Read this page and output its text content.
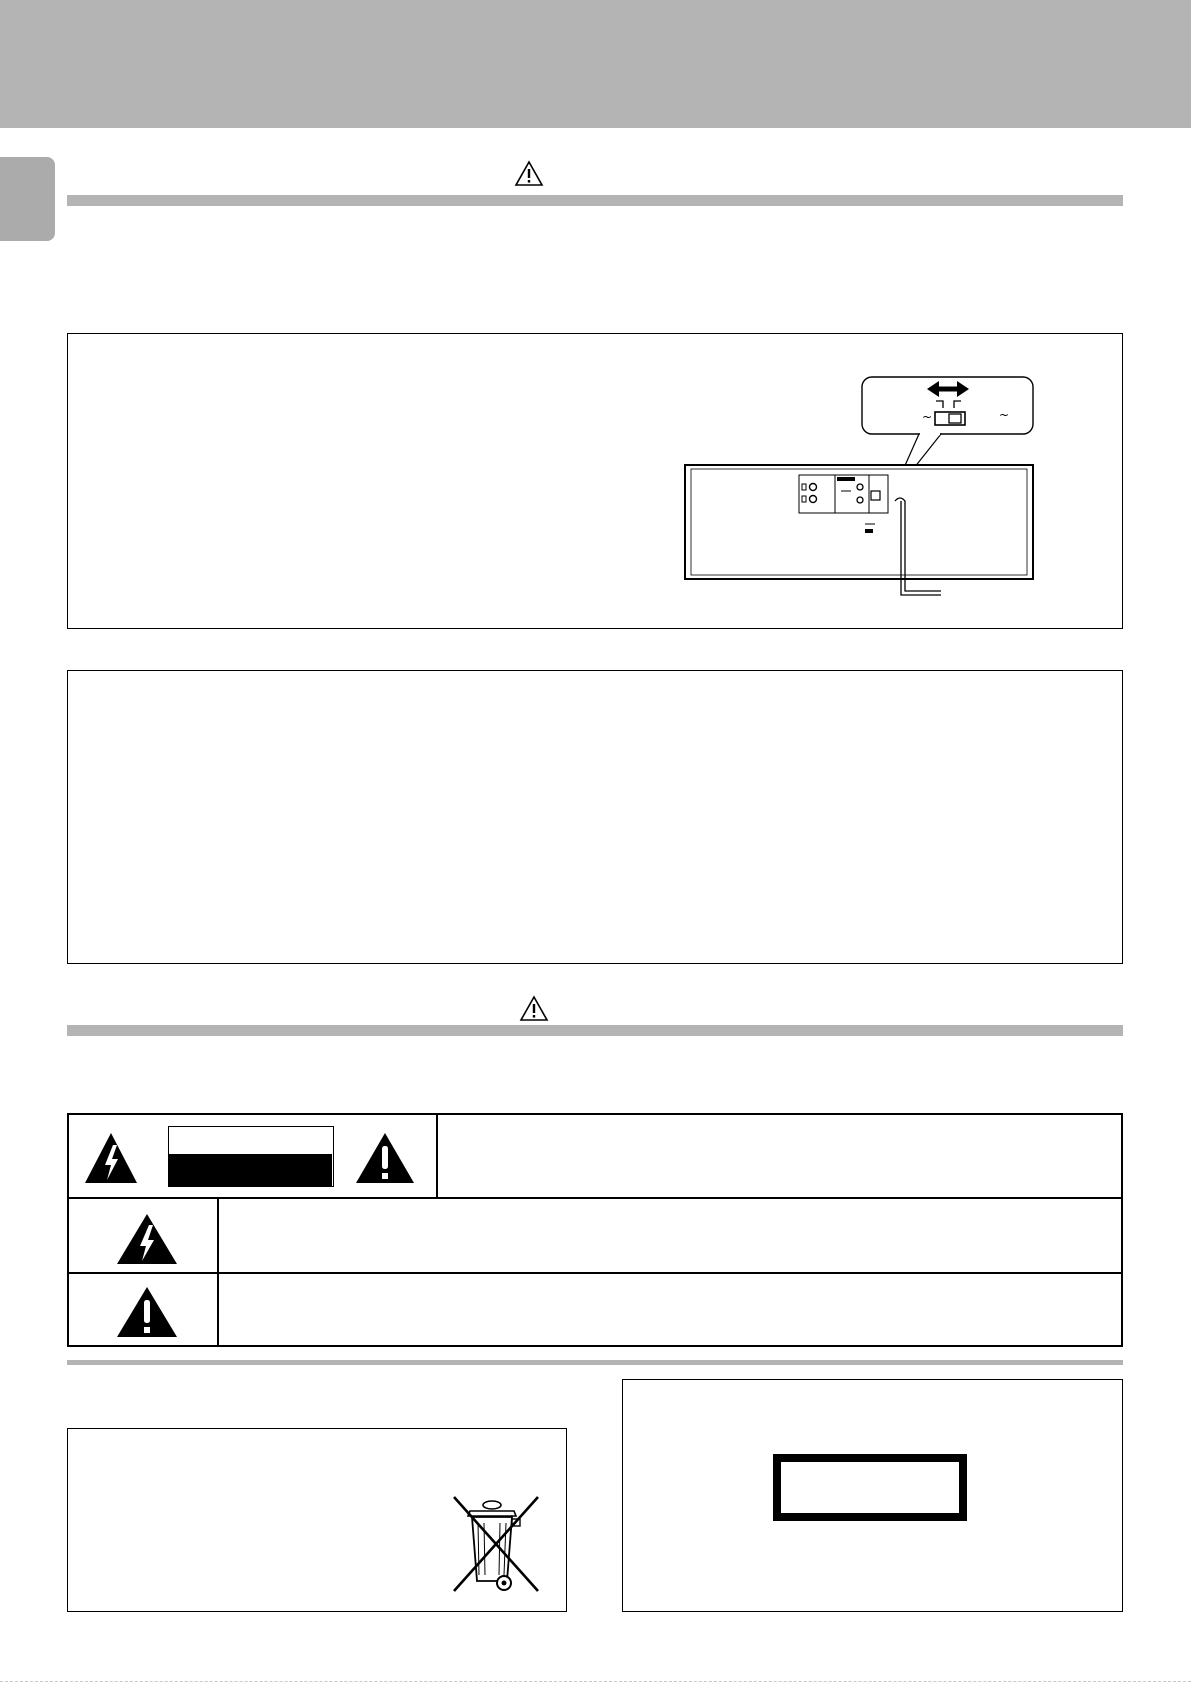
~	~
